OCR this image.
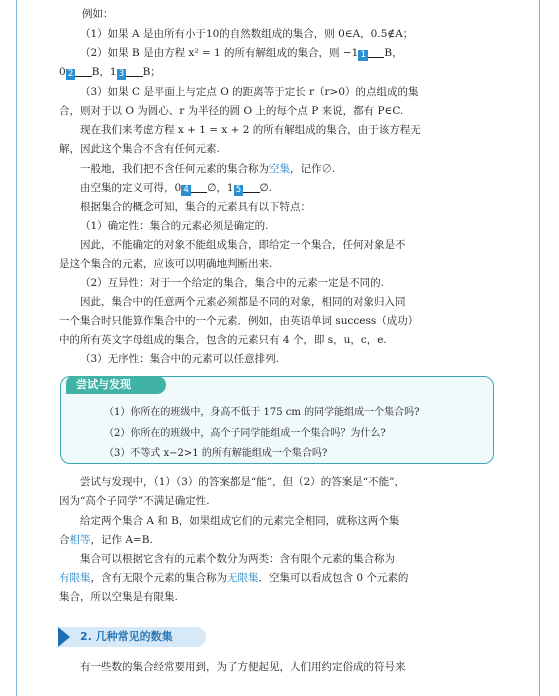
例如：
（1）如果 A 是由所有小于10的自然数组成的集合，则 0∈A，0.5∉A；
（2）如果 B 是由方程 x² = 1 的所有解组成的集合，则 −1 1 B，
0 2 B，1 3 B；
（3）如果 C 是平面上与定点 O 的距离等于定长 r（r>0）的点组成的集
合，则对于以 O 为圆心、r 为半径的圆 O 上的每个点 P 来说，都有 P∈C.
现在我们来考虑方程 x + 1 = x + 2 的所有解组成的集合，由于该方程无
解，因此这个集合不含有任何元素.
一般地，我们把不含任何元素的集合称为空集，记作∅.
由空集的定义可得，0 4 ∅，1 5 ∅.
根据集合的概念可知，集合的元素具有以下特点：
（1）确定性：集合的元素必须是确定的.
因此，不能确定的对象不能组成集合，即给定一个集合，任何对象是不
是这个集合的元素，应该可以明确地判断出来.
（2）互异性：对于一个给定的集合，集合中的元素一定是不同的.
因此，集合中的任意两个元素必须都是不同的对象，相同的对象归入同
一个集合时只能算作集合中的一个元素．例如，由英语单词 success（成功）
中的所有英文字母组成的集合，包含的元素只有 4 个，即 s，u，c，e.
（3）无序性：集合中的元素可以任意排列.
尝试与发现
（1）你所在的班级中，身高不低于 175 cm 的同学能组成一个集合吗?
（2）你所在的班级中，高个子同学能组成一个集合吗？为什么?
（3）不等式 x−2>1 的所有解能组成一个集合吗?
尝试与发现中，（1）（3）的答案都是“能”，但（2）的答案是“不能”，
因为“高个子同学”不满足确定性.
给定两个集合 A 和 B，如果组成它们的元素完全相同，就称这两个集
合相等，记作 A=B.
集合可以根据它含有的元素个数分为两类：含有限个元素的集合称为
有限集，含有无限个元素的集合称为无限集．空集可以看成包含 0 个元素的
集合，所以空集是有限集.
有一些数的集合经常要用到，为了方便起见，人们用约定俗成的符号来
2. 几种常见的数集
